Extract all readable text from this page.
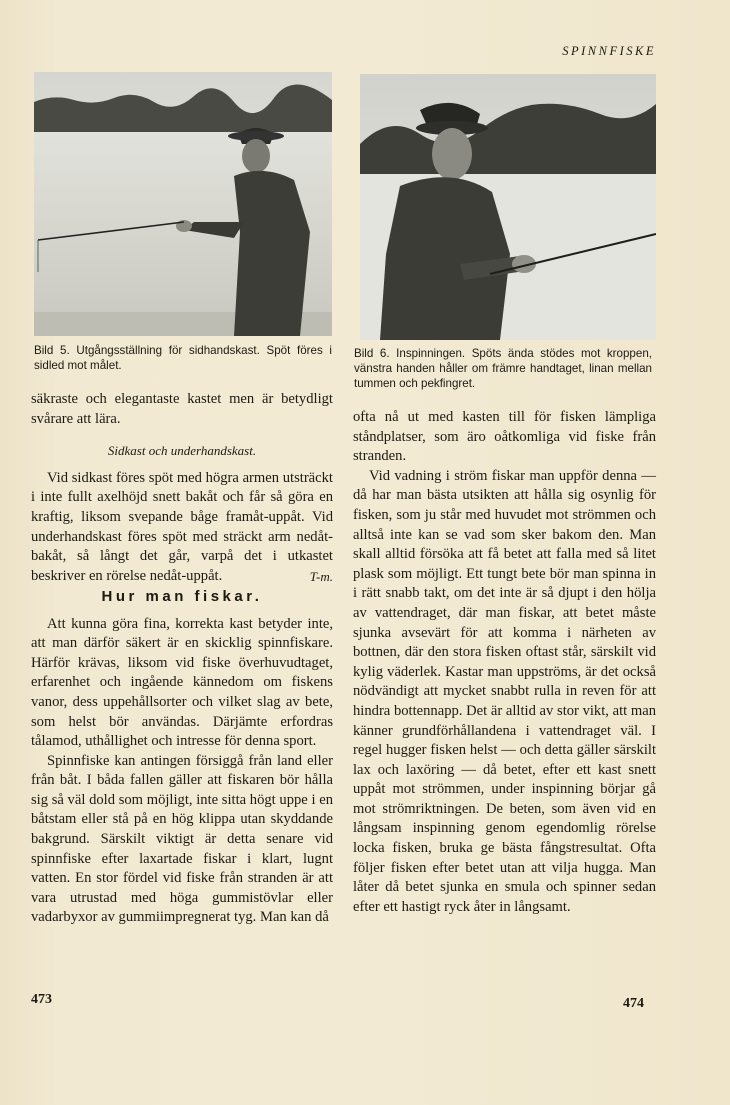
SPINNFISKE
Bild 5. Utgångsställning för sidhandskast. Spöt föres i sidled mot målet.
Bild 6. Inspinningen. Spöts ända stödes mot kroppen, vänstra handen håller om främre handtaget, linan mellan tummen och pekfingret.

säkraste och elegantaste kastet men är betydligt svårare att lära.

Sidkast och underhandskast.

Vid sidkast föres spöt med högra armen utsträckt i inte fullt axelhöjd snett bakåt och får så göra en kraftig, liksom svepande båge framåt-uppåt. Vid underhandskast föres spöt med sträckt arm nedåt-bakåt, så långt det går, varpå det i utkastet beskriver en rörelse nedåt-uppåt.	T-m.
Hur man fiskar.

Att kunna göra fina, korrekta kast betyder inte, att man därför säkert är en skicklig spinnfiskare. Härför krävas, liksom vid fiske överhuvudtaget, erfarenhet och ingående kännedom om fiskens vanor, dess uppehållsorter och vilket slag av bete, som helst bör användas. Därjämte erfordras tålamod, uthållighet och intresse för denna sport.

Spinnfiske kan antingen försiggå från land eller från båt. I båda fallen gäller att fiskaren bör hålla sig så väl dold som möjligt, inte sitta högt uppe i en båtstam eller stå på en hög klippa utan skyddande bakgrund. Särskilt viktigt är detta senare vid spinnfiske efter laxartade fiskar i klart, lugnt vatten. En stor fördel vid fiske från stranden är att vara utrustad med höga gummistövlar eller vadarbyxor av gummiimpregnerat tyg. Man kan då

ofta nå ut med kasten till för fisken lämpliga ståndplatser, som äro oåtkomliga vid fiske från stranden.

Vid vadning i ström fiskar man uppför denna — då har man bästa utsikten att hålla sig osynlig för fisken, som ju står med huvudet mot strömmen och alltså inte kan se vad som sker bakom den. Man skall alltid försöka att få betet att falla med så litet plask som möjligt. Ett tungt bete bör man spinna in i rätt snabb takt, om det inte är så djupt i den hölja av vattendraget, där man fiskar, att betet måste sjunka avsevärt för att komma i närheten av bottnen, där den stora fisken oftast står, särskilt vid kylig väderlek. Kastar man uppströms, är det också nödvändigt att mycket snabbt rulla in reven för att hindra bottennapp. Det är alltid av stor vikt, att man känner grundförhållandena i vattendraget väl. I regel hugger fisken helst — och detta gäller särskilt lax och laxöring — då betet, efter ett kast snett uppåt mot strömmen, under inspinning börjar gå mot strömriktningen. De beten, som även vid en långsam inspinning genom egendomlig rörelse locka fisken, bruka ge bästa fångstresultat. Ofta följer fisken efter betet utan att vilja hugga. Man låter då betet sjunka en smula och spinner sedan efter ett hastigt ryck åter in långsamt.

473	474
